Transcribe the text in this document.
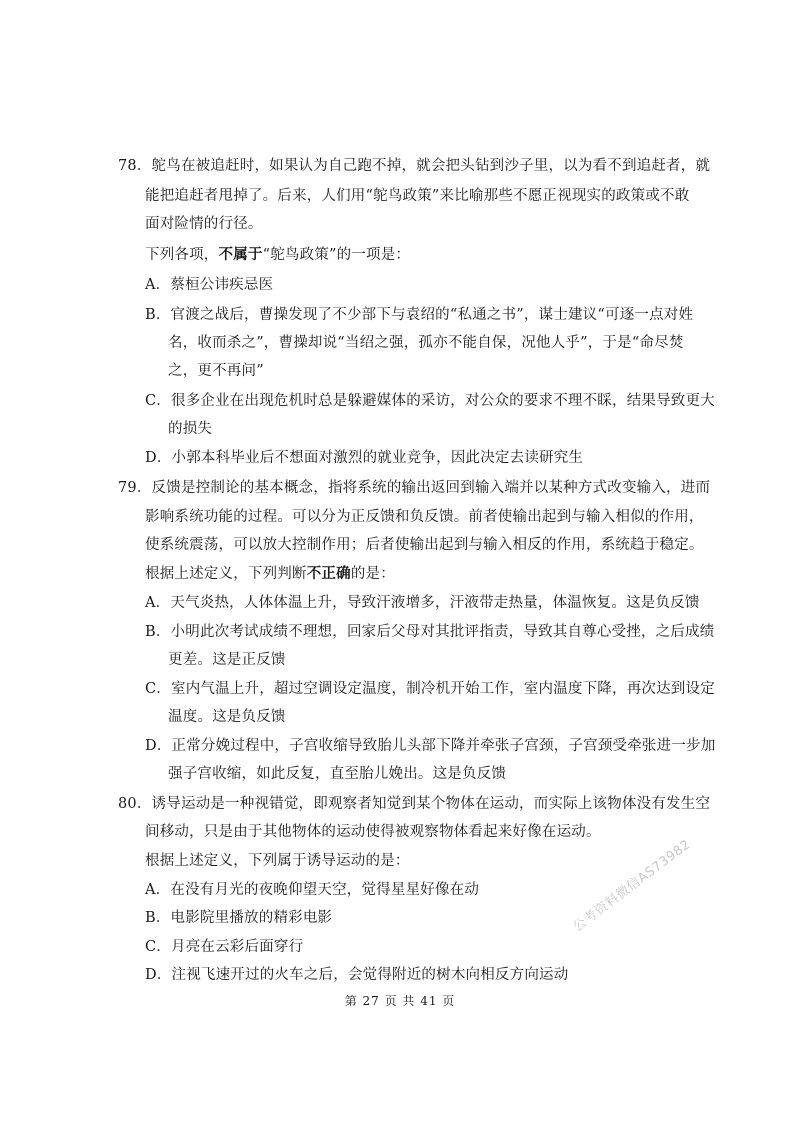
78．鸵鸟在被追赶时，如果认为自己跑不掉，就会把头钻到沙子里，以为看不到追赶者，就
能把追赶者甩掉了。后来，人们用“鸵鸟政策”来比喻那些不愿正视现实的政策或不敢
面对险情的行径。
下列各项，不属于“鸵鸟政策”的一项是：
A．蔡桓公讳疾忌医
B．官渡之战后，曹操发现了不少部下与袁绍的“私通之书”，谋士建议“可逐一点对姓
名，收而杀之”，曹操却说“当绍之强，孤亦不能自保，况他人乎”，于是“命尽焚
之，更不再问”
C．很多企业在出现危机时总是躲避媒体的采访，对公众的要求不理不睬，结果导致更大
的损失
D．小郭本科毕业后不想面对激烈的就业竞争，因此决定去读研究生
79．反馈是控制论的基本概念，指将系统的输出返回到输入端并以某种方式改变输入，进而
影响系统功能的过程。可以分为正反馈和负反馈。前者使输出起到与输入相似的作用，
使系统震荡，可以放大控制作用；后者使输出起到与输入相反的作用，系统趋于稳定。
根据上述定义，下列判断不正确的是：
A．天气炎热，人体体温上升，导致汗液增多，汗液带走热量，体温恢复。这是负反馈
B．小明此次考试成绩不理想，回家后父母对其批评指责，导致其自尊心受挫，之后成绩
更差。这是正反馈
C．室内气温上升，超过空调设定温度，制冷机开始工作，室内温度下降，再次达到设定
温度。这是负反馈
D．正常分娩过程中，子宫收缩导致胎儿头部下降并牵张子宫颈，子宫颈受牵张进一步加
强子宫收缩，如此反复，直至胎儿娩出。这是负反馈
80．诱导运动是一种视错觉，即观察者知觉到某个物体在运动，而实际上该物体没有发生空
间移动，只是由于其他物体的运动使得被观察物体看起来好像在运动。
根据上述定义，下列属于诱导运动的是：
A．在没有月光的夜晚仰望天空，觉得星星好像在动
B．电影院里播放的精彩电影
C．月亮在云彩后面穿行
D．注视飞速开过的火车之后，会觉得附近的树木向相反方向运动
第 27 页 共 41 页
公考资料微信AS73982
